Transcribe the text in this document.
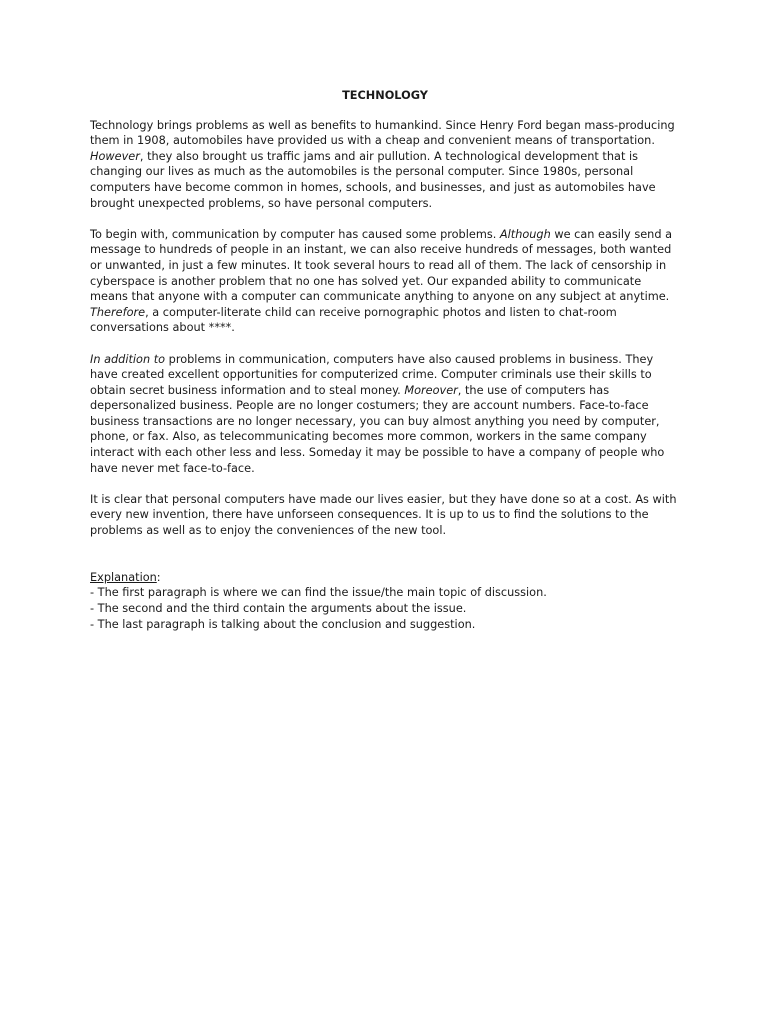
TECHNOLOGY
Technology brings problems as well as benefits to humankind. Since Henry Ford began mass-producing them in 1908, automobiles have provided us with a cheap and convenient means of transportation. However, they also brought us traffic jams and air pullution. A technological development that is changing our lives as much as the automobiles is the personal computer. Since 1980s, personal computers have become common in homes, schools, and businesses, and just as automobiles have brought unexpected problems, so have personal computers.
To begin with, communication by computer has caused some problems. Although we can easily send a message to hundreds of people in an instant, we can also receive hundreds of messages, both wanted or unwanted, in just a few minutes. It took several hours to read all of them. The lack of censorship in cyberspace is another problem that no one has solved yet. Our expanded ability to communicate means that anyone with a computer can communicate anything to anyone on any subject at anytime. Therefore, a computer-literate child can receive pornographic photos and listen to chat-room conversations about ****.
In addition to problems in communication, computers have also caused problems in business. They have created excellent opportunities for computerized crime. Computer criminals use their skills to obtain secret business information and to steal money. Moreover, the use of computers has depersonalized business. People are no longer costumers; they are account numbers. Face-to-face business transactions are no longer necessary, you can buy almost anything you need by computer, phone, or fax. Also, as telecommunicating becomes more common, workers in the same company interact with each other less and less. Someday it may be possible to have a company of people who have never met face-to-face.
It is clear that personal computers have made our lives easier, but they have done so at a cost. As with every new invention, there have unforseen consequences. It is up to us to find the solutions to the problems as well as to enjoy the conveniences of the new tool.
Explanation:
- The first paragraph is where we can find the issue/the main topic of discussion.
- The second and the third contain the arguments about the issue.
- The last paragraph is talking about the conclusion and suggestion.
